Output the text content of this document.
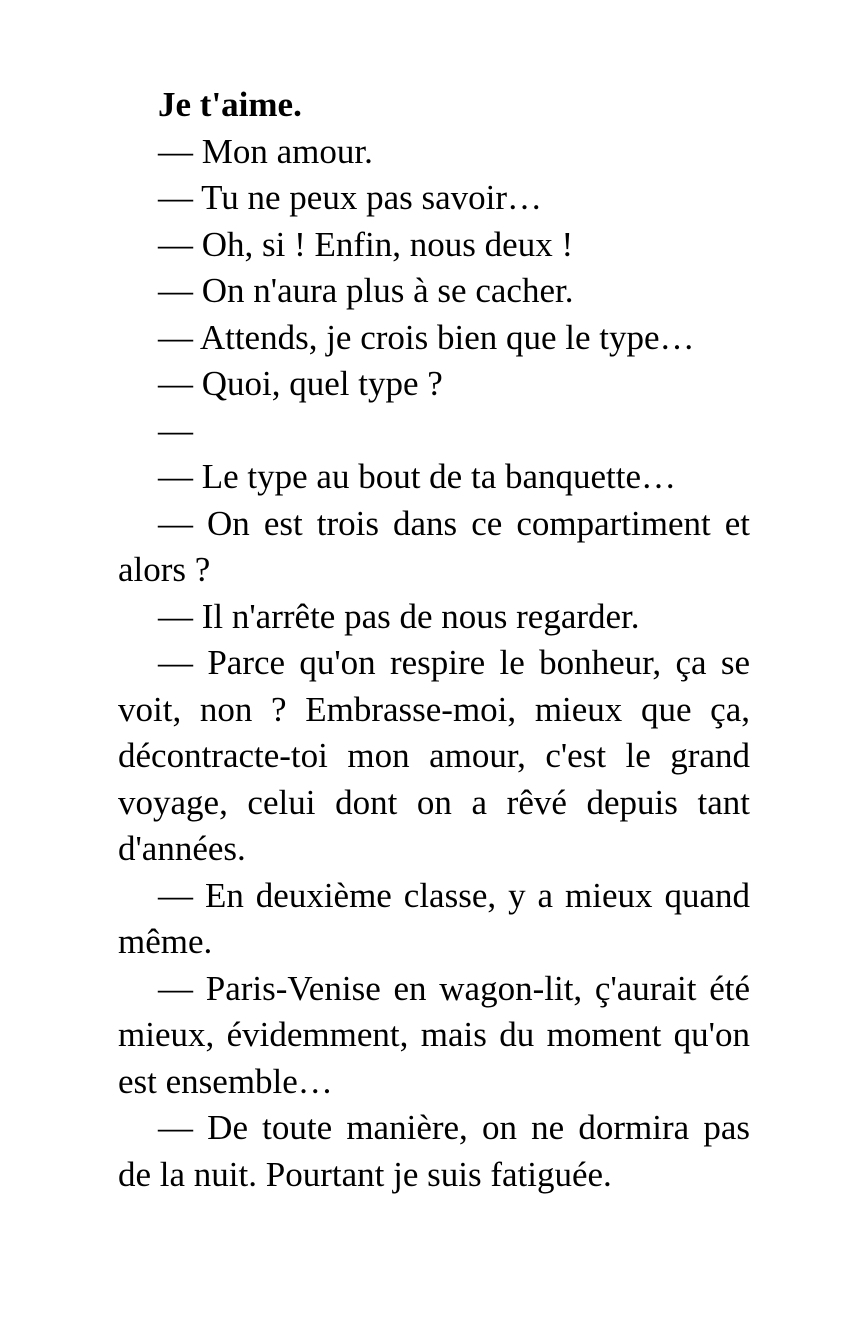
Je t'aime.

— Mon amour.

— Tu ne peux pas savoir…

— Oh, si ! Enfin, nous deux !

— On n'aura plus à se cacher.

— Attends, je crois bien que le type…

— Quoi, quel type ?

—

— Le type au bout de ta banquette…

— On est trois dans ce compartiment et alors ?

— Il n'arrête pas de nous regarder.

— Parce qu'on respire le bonheur, ça se voit, non ? Embrasse-moi, mieux que ça, décontracte-toi mon amour, c'est le grand voyage, celui dont on a rêvé depuis tant d'années.

— En deuxième classe, y a mieux quand même.

— Paris-Venise en wagon-lit, ç'aurait été mieux, évidemment, mais du moment qu'on est ensemble…

— De toute manière, on ne dormira pas de la nuit. Pourtant je suis fatiguée.
